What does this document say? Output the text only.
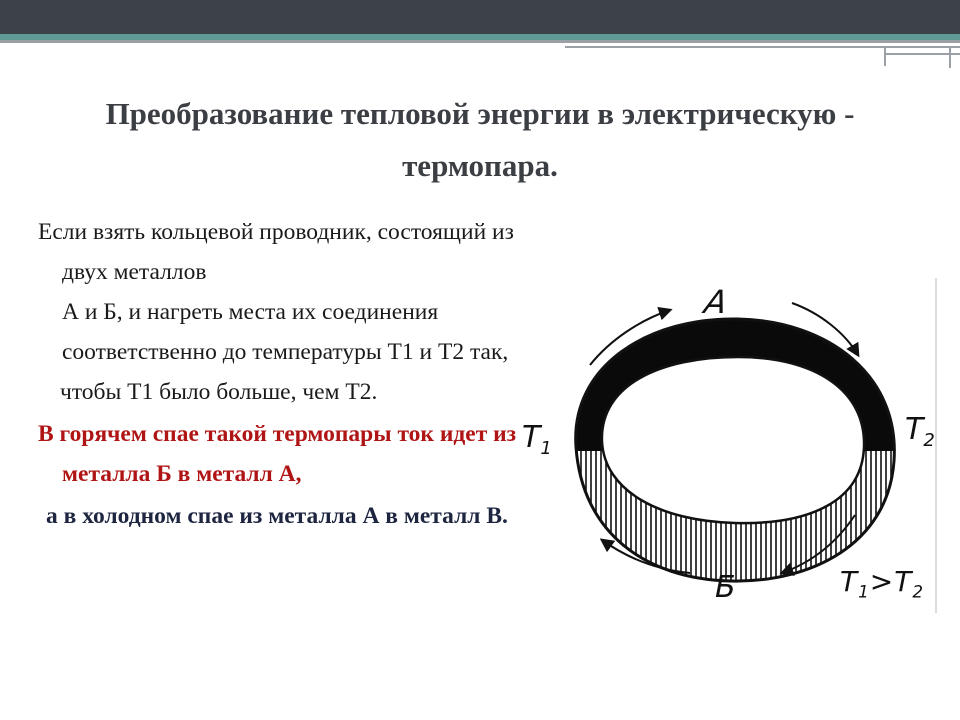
Преобразование тепловой энергии в электрическую - термопара.

Если взять кольцевой проводник, состоящий из двух металлов

А и Б, и нагреть места их соединения соответственно до температуры Т1 и Т2 так,

чтобы Т1 было больше, чем Т2.

В горячем спае такой термопары ток идет из металла Б в металл А,

а в холодном спае из металла А в металл В.

А
Б
$T_1$
$T_2$
$T_1>T_2$
